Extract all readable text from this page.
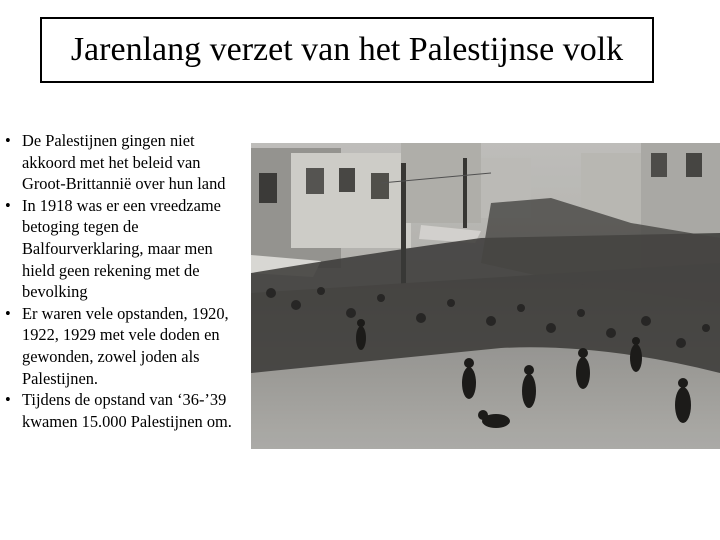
Jarenlang verzet van het Palestijnse volk
• De Palestijnen gingen niet akkoord met het beleid van Groot-Brittannië over hun land
• In 1918 was er een vreedzame betoging tegen de Balfourverklaring, maar men hield geen rekening met de bevolking
• Er waren vele opstanden, 1920, 1922, 1929 met vele doden en gewonden, zowel joden als Palestijnen.
• Tijdens de opstand van ‘36-’39 kwamen 15.000 Palestijnen om.
